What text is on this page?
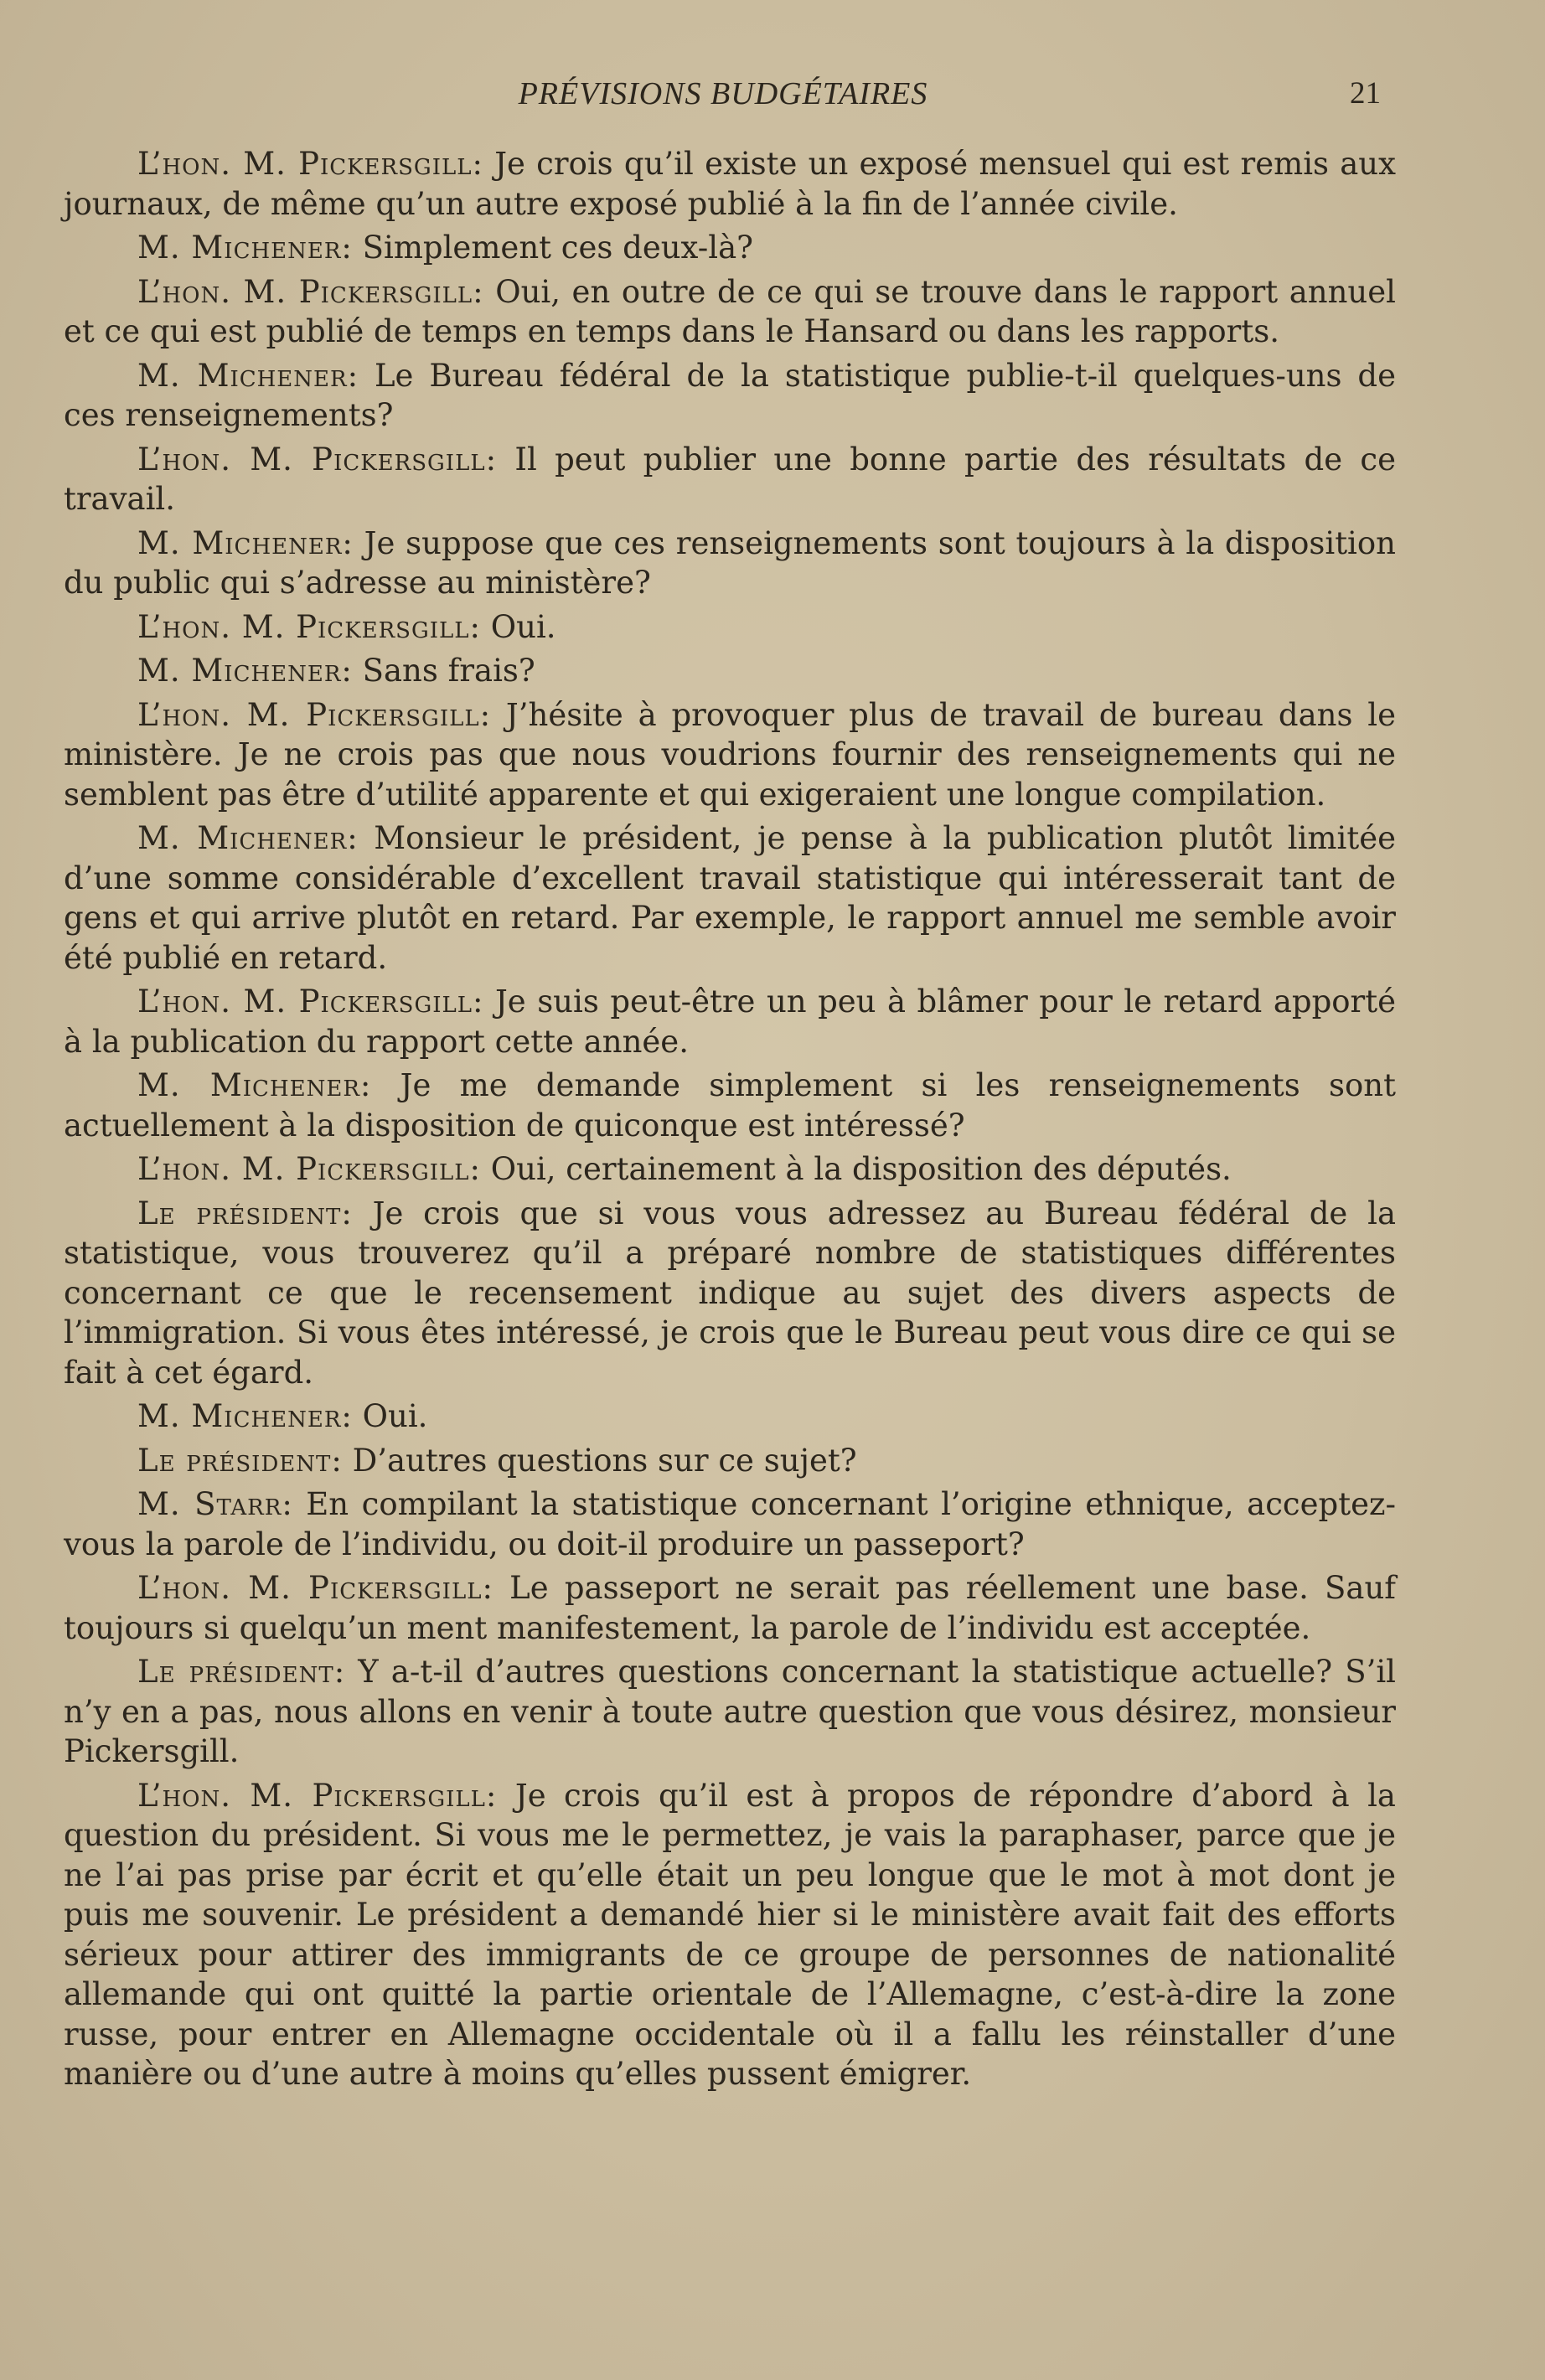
PRÉVISIONS BUDGÉTAIRES	21

L’hon. M. Pickersgill: Je crois qu’il existe un exposé mensuel qui est remis aux journaux, de même qu’un autre exposé publié à la fin de l’année civile.

M. Michener: Simplement ces deux-là?

L’hon. M. Pickersgill: Oui, en outre de ce qui se trouve dans le rapport annuel et ce qui est publié de temps en temps dans le Hansard ou dans les rapports.

M. Michener: Le Bureau fédéral de la statistique publie-t-il quelques-uns de ces renseignements?

L’hon. M. Pickersgill: Il peut publier une bonne partie des résultats de ce travail.

M. Michener: Je suppose que ces renseignements sont toujours à la disposition du public qui s’adresse au ministère?

L’hon. M. Pickersgill: Oui.

M. Michener: Sans frais?

L’hon. M. Pickersgill: J’hésite à provoquer plus de travail de bureau dans le ministère. Je ne crois pas que nous voudrions fournir des renseignements qui ne semblent pas être d’utilité apparente et qui exigeraient une longue compilation.

M. Michener: Monsieur le président, je pense à la publication plutôt limitée d’une somme considérable d’excellent travail statistique qui intéresserait tant de gens et qui arrive plutôt en retard. Par exemple, le rapport annuel me semble avoir été publié en retard.

L’hon. M. Pickersgill: Je suis peut-être un peu à blâmer pour le retard apporté à la publication du rapport cette année.

M. Michener: Je me demande simplement si les renseignements sont actuellement à la disposition de quiconque est intéressé?

L’hon. M. Pickersgill: Oui, certainement à la disposition des députés.

Le président: Je crois que si vous vous adressez au Bureau fédéral de la statistique, vous trouverez qu’il a préparé nombre de statistiques différentes concernant ce que le recensement indique au sujet des divers aspects de l’immigration. Si vous êtes intéressé, je crois que le Bureau peut vous dire ce qui se fait à cet égard.

M. Michener: Oui.

Le président: D’autres questions sur ce sujet?

M. Starr: En compilant la statistique concernant l’origine ethnique, acceptez-vous la parole de l’individu, ou doit-il produire un passeport?

L’hon. M. Pickersgill: Le passeport ne serait pas réellement une base. Sauf toujours si quelqu’un ment manifestement, la parole de l’individu est acceptée.

Le président: Y a-t-il d’autres questions concernant la statistique actuelle? S’il n’y en a pas, nous allons en venir à toute autre question que vous désirez, monsieur Pickersgill.

L’hon. M. Pickersgill: Je crois qu’il est à propos de répondre d’abord à la question du président. Si vous me le permettez, je vais la paraphaser, parce que je ne l’ai pas prise par écrit et qu’elle était un peu longue que le mot à mot dont je puis me souvenir. Le président a demandé hier si le ministère avait fait des efforts sérieux pour attirer des immigrants de ce groupe de personnes de nationalité allemande qui ont quitté la partie orientale de l’Allemagne, c’est-à-dire la zone russe, pour entrer en Allemagne occidentale où il a fallu les réinstaller d’une manière ou d’une autre à moins qu’elles pussent émigrer.
